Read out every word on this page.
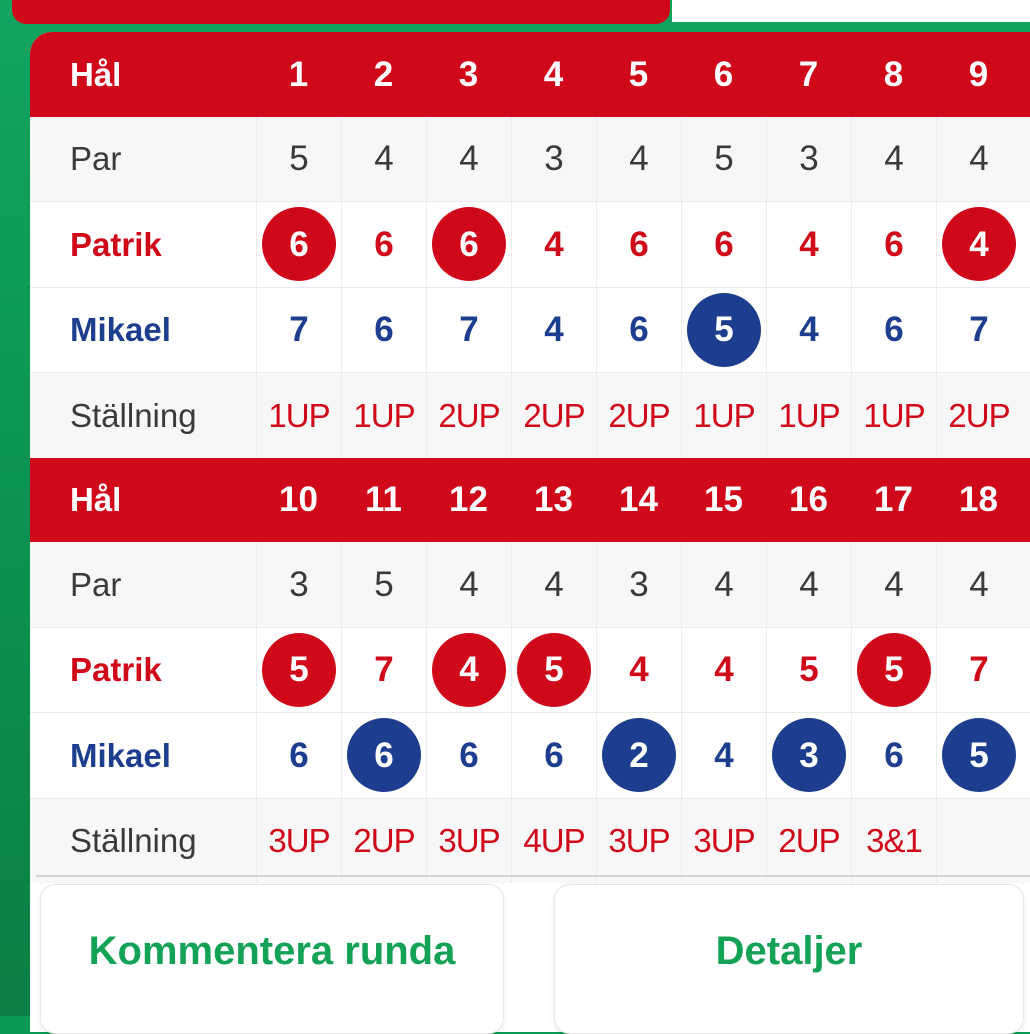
Hål	1 2 3 4 5 6 7 8 9
Par	5 4 4 3 4 5 3 4 4
Patrik	6	6	6	4 6 6 4 6	4
Mikael	7 6 7 4 6	5	4 6 7
Ställning	1UP 1UP 2UP 2UP 2UP 1UP 1UP 1UP 2UP
Hål	10 11 12 13 14 15 16 17 18
Par	3 5 4 4 3 4 4 4 4
Patrik	5	7	4	5	4 4 5	5	7
Mikael	6	6	6 6	2	4	3	6	5
Ställning	3UP 2UP 3UP 4UP 3UP 3UP 2UP 3&1
Kommentera runda	Detaljer
